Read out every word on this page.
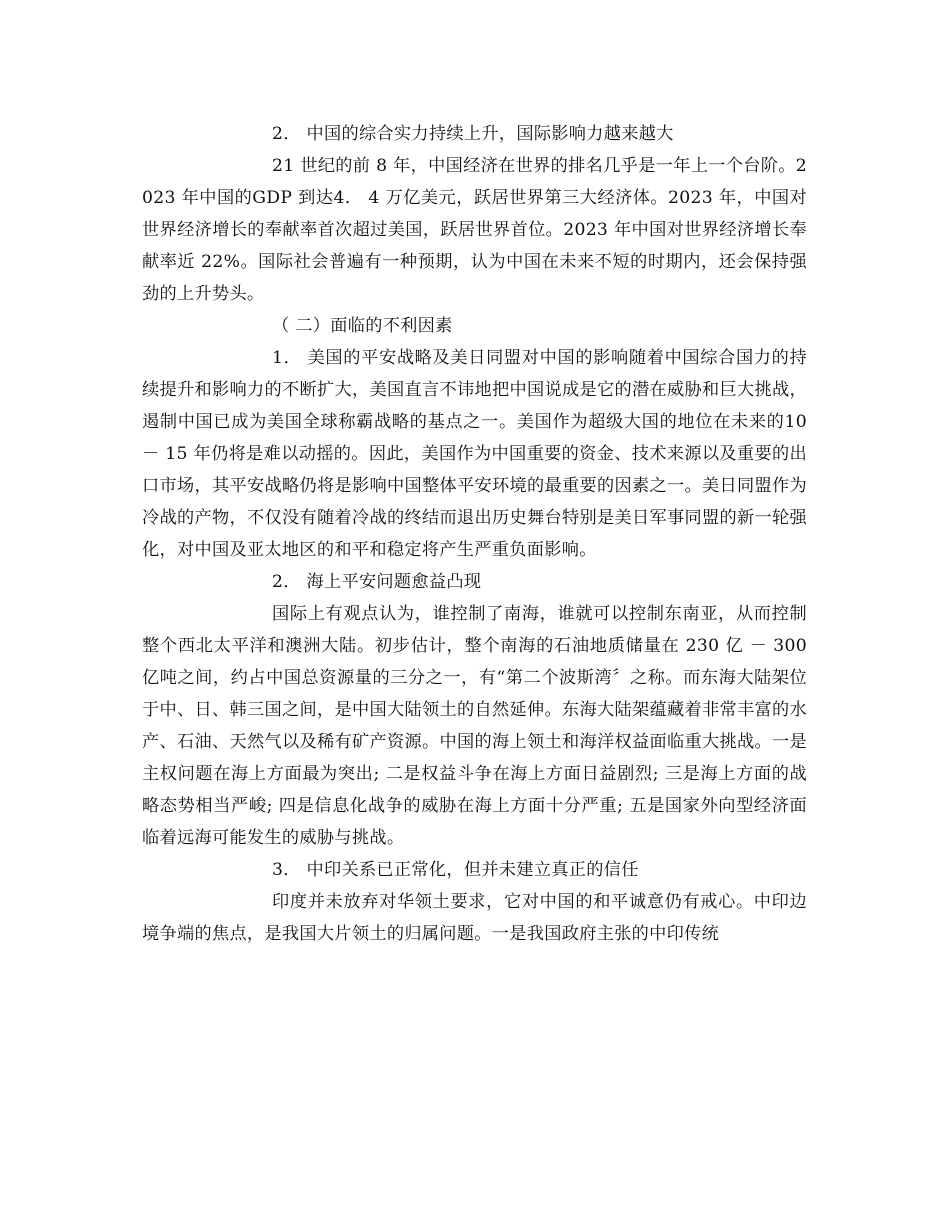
2． 中国的综合实力持续上升，国际影响力越来越大

21 世纪的前 8 年，中国经济在世界的排名几乎是一年上一个台阶。2023 年中国的GDP 到达4． 4 万亿美元，跃居世界第三大经济体。2023 年，中国对世界经济增长的奉献率首次超过美国，跃居世界首位。2023 年中国对世界经济增长奉献率近 22%。国际社会普遍有一种预期，认为中国在未来不短的时期内，还会保持强劲的上升势头。

（ 二）面临的不利因素

1． 美国的平安战略及美日同盟对中国的影响随着中国综合国力的持续提升和影响力的不断扩大，美国直言不讳地把中国说成是它的潜在威胁和巨大挑战，遏制中国已成为美国全球称霸战略的基点之一。美国作为超级大国的地位在未来的10 － 15 年仍将是难以动摇的。因此，美国作为中国重要的资金、技术来源以及重要的出口市场，其平安战略仍将是影响中国整体平安环境的最重要的因素之一。美日同盟作为冷战的产物，不仅没有随着冷战的终结而退出历史舞台特别是美日军事同盟的新一轮强化，对中国及亚太地区的和平和稳定将产生严重负面影响。

2． 海上平安问题愈益凸现

国际上有观点认为，谁控制了南海，谁就可以控制东南亚，从而控制整个西北太平洋和澳洲大陆。初步估计，整个南海的石油地质储量在 230 亿 － 300 亿吨之间，约占中国总资源量的三分之一，有“第二个波斯湾〞之称。而东海大陆架位于中、日、韩三国之间，是中国大陆领土的自然延伸。东海大陆架蕴藏着非常丰富的水产、石油、天然气以及稀有矿产资源。中国的海上领土和海洋权益面临重大挑战。一是主权问题在海上方面最为突出; 二是权益斗争在海上方面日益剧烈; 三是海上方面的战略态势相当严峻; 四是信息化战争的威胁在海上方面十分严重; 五是国家外向型经济面临着远海可能发生的威胁与挑战。

3． 中印关系已正常化，但并未建立真正的信任

印度并未放弃对华领土要求，它对中国的和平诚意仍有戒心。中印边境争端的焦点，是我国大片领土的归属问题。一是我国政府主张的中印传统
